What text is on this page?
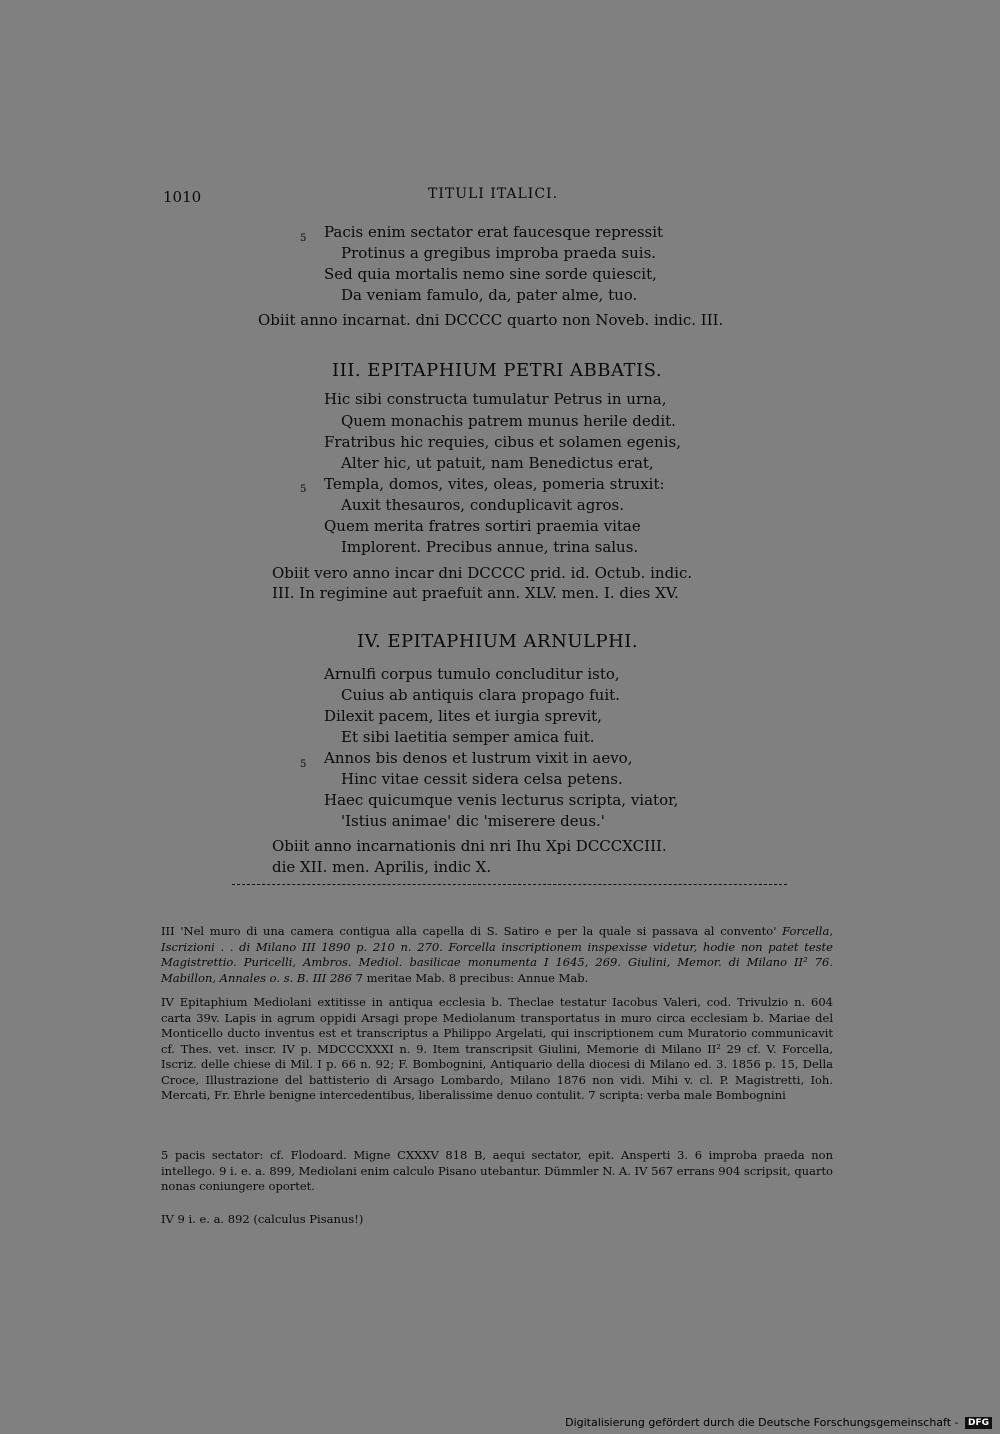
1010	TITULI ITALICI.
5 Pacis enim sectator erat faucesque repressit
Protinus a gregibus improba praeda suis.
Sed quia mortalis nemo sine sorde quiescit,
Da veniam famulo, da, pater alme, tuo.
Obiit anno incarnat. dni DCCCC quarto non Noveb. indic. III.
III. EPITAPHIUM PETRI ABBATIS.
Hic sibi constructa tumulatur Petrus in urna,
Quem monachis patrem munus herile dedit.
Fratribus hic requies, cibus et solamen egenis,
Alter hic, ut patuit, nam Benedictus erat,
5 Templa, domos, vites, oleas, pomeria struxit:
Auxit thesauros, conduplicavit agros.
Quem merita fratres sortiri praemia vitae
Implorent. Precibus annue, trina salus.
Obiit vero anno incar dni DCCCC prid. id. Octub. indic.
III. In regimine aut praefuit ann. XLV. men. I. dies XV.
IV. EPITAPHIUM ARNULPHI.
Arnulfi corpus tumulo concluditur isto,
Cuius ab antiquis clara propago fuit.
Dilexit pacem, lites et iurgia sprevit,
Et sibi laetitia semper amica fuit.
5 Annos bis denos et lustrum vixit in aevo,
Hinc vitae cessit sidera celsa petens.
Haec quicumque venis lecturus scripta, viator,
'Istius animae' dic 'miserere deus.'
Obiit anno incarnationis dni nri Ihu Xpi DCCCXCIII.
die XII. men. Aprilis, indic X.
III 'Nel muro di una camera contigua alla capella di S. Satiro e per la quale si passava al convento' Forcella, Iscrizioni . . di Milano III 1890 p. 210 n. 270. Forcella inscriptionem inspexisse videtur, hodie non patet teste Magistrettio. Puricelli, Ambros. Mediol. basilicae monumenta I 1645, 269. Giulini, Memor. di Milano II² 76. Mabillon, Annales o. s. B. III 286 7 meritae Mab. 8 precibus: Annue Mab.
IV Epitaphium Mediolani extitisse in antiqua ecclesia b. Theclae testatur Iacobus Valeri, cod. Trivulzio n. 604 carta 39v. Lapis in agrum oppidi Arsagi prope Mediolanum transportatus in muro circa ecclesiam b. Mariae del Monticello ducto inventus est et transcriptus a Philippo Argelati, qui inscriptionem cum Muratorio communicavit cf. Thes. vet. inscr. IV p. MDCCCXXXI n. 9. Item transcripsit Giulini, Memorie di Milano II² 29 cf. V. Forcella, Iscriz. delle chiese di Mil. I p. 66 n. 92; F. Bombognini, Antiquario della diocesi di Milano ed. 3. 1856 p. 15, Della Croce, Illustrazione del battisterio di Arsago Lombardo, Milano 1876 non vidi. Mihi v. cl. P. Magistretti, Ioh. Mercati, Fr. Ehrle benigne intercedentibus, liberalissime denuo contulit. 7 scripta: verba male Bombognini
5 pacis sectator: cf. Flodoard. Migne CXXXV 818 B, aequi sectator, epit. Ansperti 3. 6 improba praeda non intellego. 9 i. e. a. 899, Mediolani enim calculo Pisano utebantur. Dümmler N. A. IV 567 errans 904 scripsit, quarto nonas coniungere oportet.
IV 9 i. e. a. 892 (calculus Pisanus!)
Digitalisierung gefördert durch die Deutsche Forschungsgemeinschaft - DFG
